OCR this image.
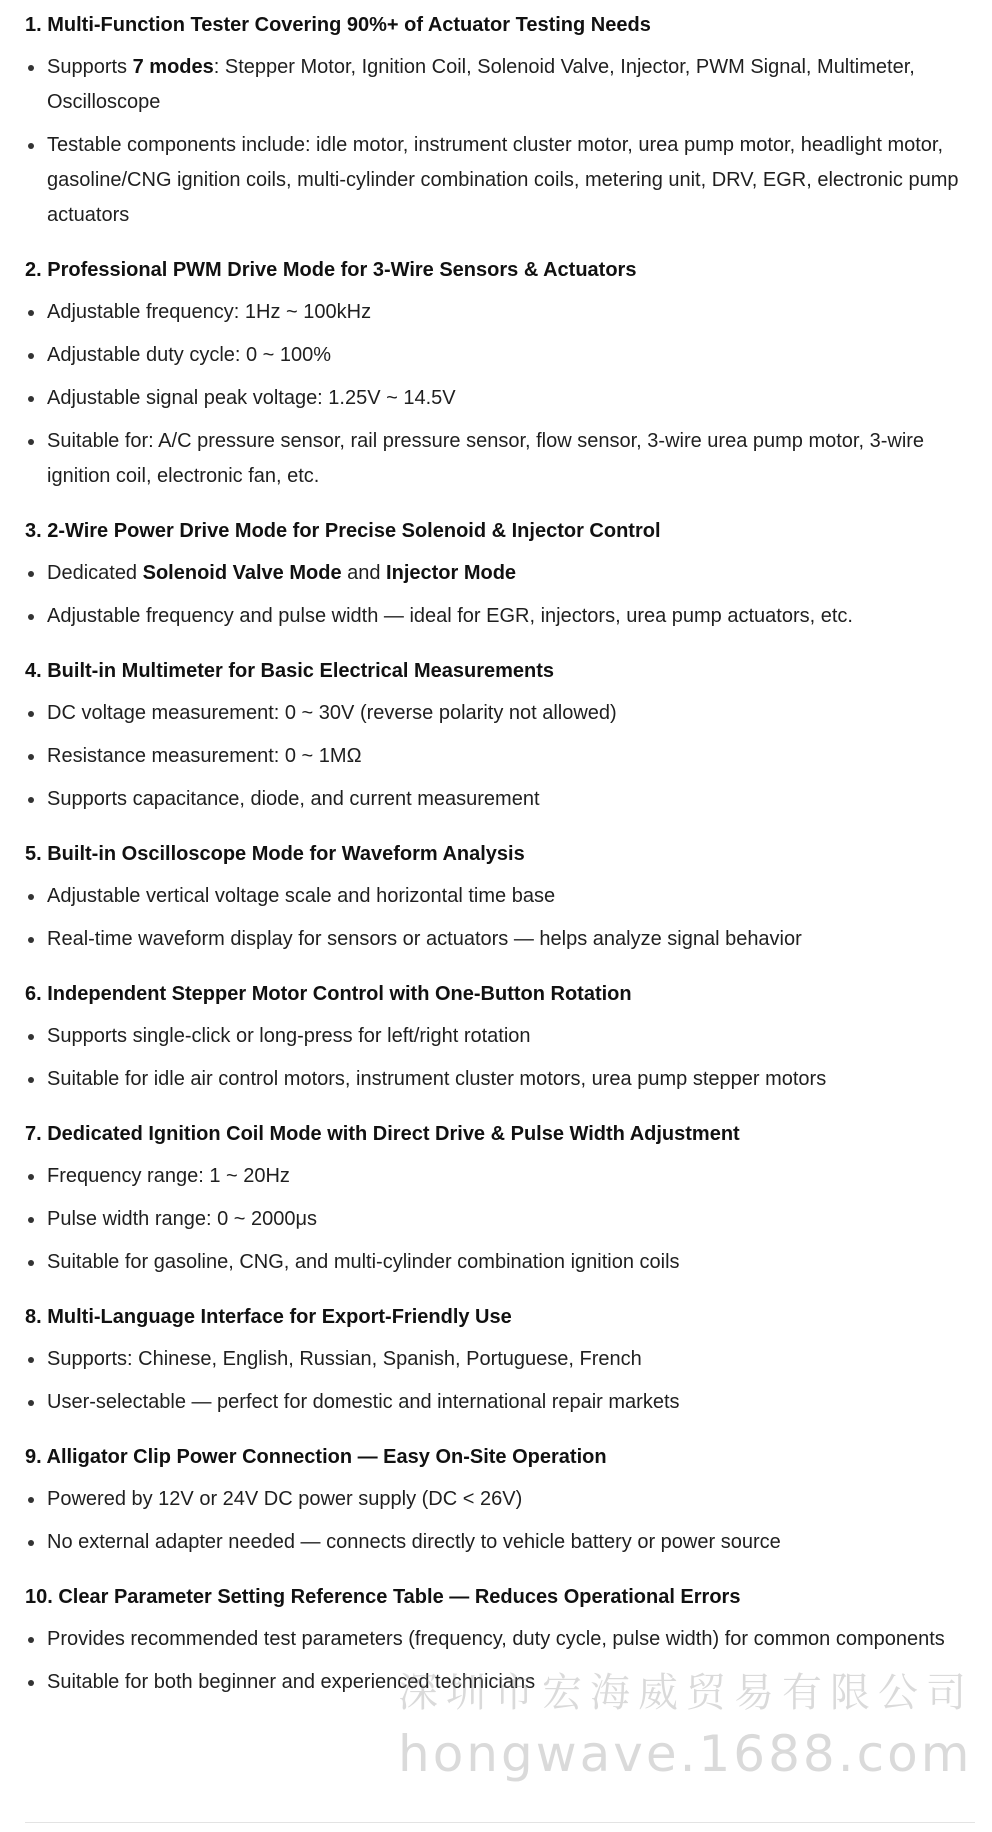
1. Multi-Function Tester Covering 90%+ of Actuator Testing Needs
Supports 7 modes: Stepper Motor, Ignition Coil, Solenoid Valve, Injector, PWM Signal, Multimeter, Oscilloscope
Testable components include: idle motor, instrument cluster motor, urea pump motor, headlight motor, gasoline/CNG ignition coils, multi-cylinder combination coils, metering unit, DRV, EGR, electronic pump actuators
2. Professional PWM Drive Mode for 3-Wire Sensors & Actuators
Adjustable frequency: 1Hz ~ 100kHz
Adjustable duty cycle: 0 ~ 100%
Adjustable signal peak voltage: 1.25V ~ 14.5V
Suitable for: A/C pressure sensor, rail pressure sensor, flow sensor, 3-wire urea pump motor, 3-wire ignition coil, electronic fan, etc.
3. 2-Wire Power Drive Mode for Precise Solenoid & Injector Control
Dedicated Solenoid Valve Mode and Injector Mode
Adjustable frequency and pulse width — ideal for EGR, injectors, urea pump actuators, etc.
4. Built-in Multimeter for Basic Electrical Measurements
DC voltage measurement: 0 ~ 30V (reverse polarity not allowed)
Resistance measurement: 0 ~ 1MΩ
Supports capacitance, diode, and current measurement
5. Built-in Oscilloscope Mode for Waveform Analysis
Adjustable vertical voltage scale and horizontal time base
Real-time waveform display for sensors or actuators — helps analyze signal behavior
6. Independent Stepper Motor Control with One-Button Rotation
Supports single-click or long-press for left/right rotation
Suitable for idle air control motors, instrument cluster motors, urea pump stepper motors
7. Dedicated Ignition Coil Mode with Direct Drive & Pulse Width Adjustment
Frequency range: 1 ~ 20Hz
Pulse width range: 0 ~ 2000μs
Suitable for gasoline, CNG, and multi-cylinder combination ignition coils
8. Multi-Language Interface for Export-Friendly Use
Supports: Chinese, English, Russian, Spanish, Portuguese, French
User-selectable — perfect for domestic and international repair markets
9. Alligator Clip Power Connection — Easy On-Site Operation
Powered by 12V or 24V DC power supply (DC < 26V)
No external adapter needed — connects directly to vehicle battery or power source
10. Clear Parameter Setting Reference Table — Reduces Operational Errors
Provides recommended test parameters (frequency, duty cycle, pulse width) for common components
Suitable for both beginner and experienced technicians
深圳市宏海威贸易有限公司
hongwave.1688.com
